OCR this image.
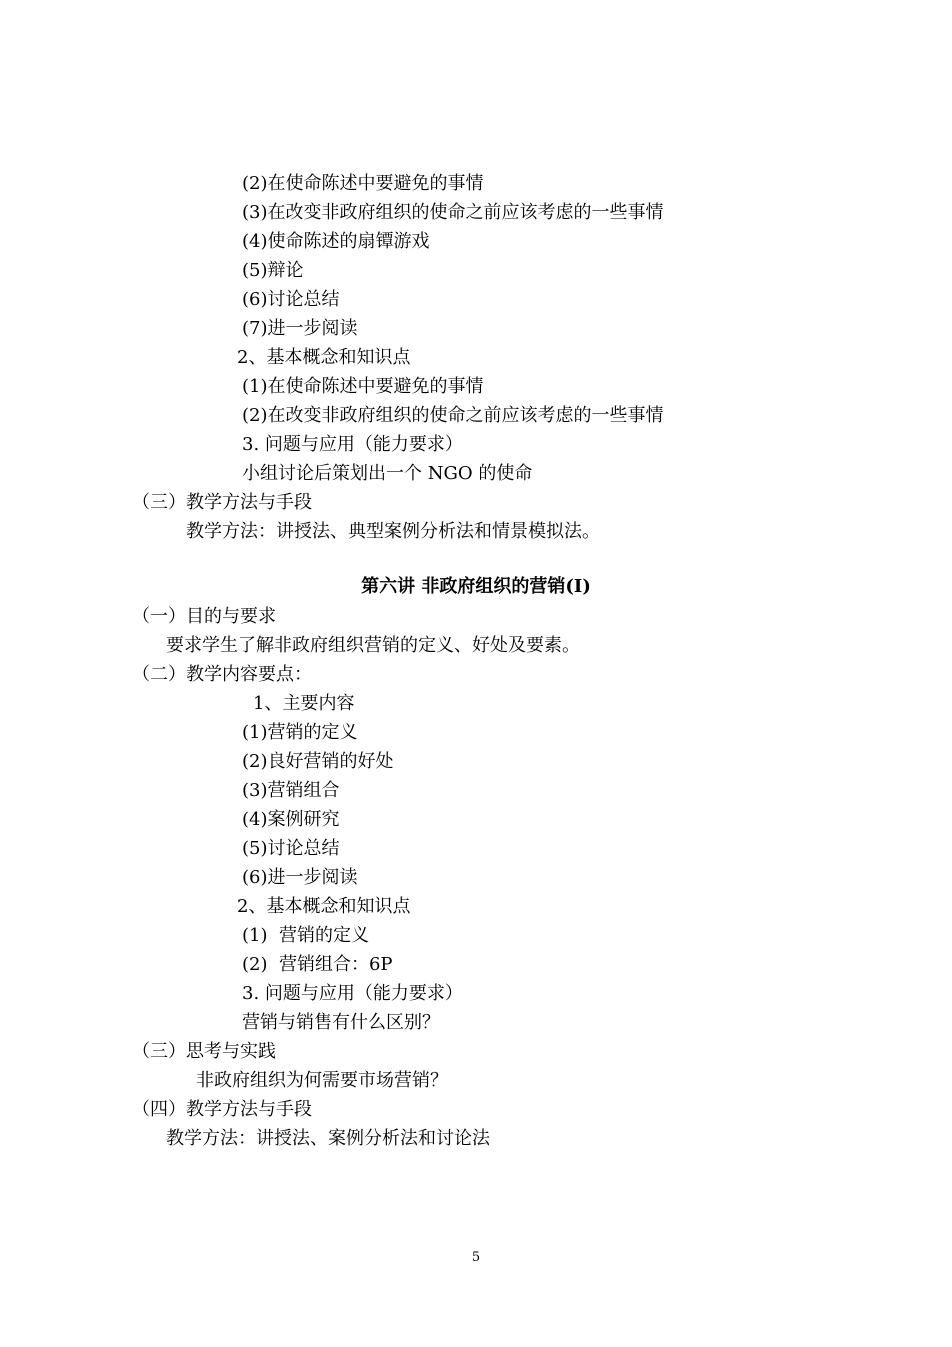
(2)在使命陈述中要避免的事情
(3)在改变非政府组织的使命之前应该考虑的一些事情
(4)使命陈述的扇镡游戏
(5)辩论
(6)讨论总结
(7)进一步阅读
2、基本概念和知识点
(1)在使命陈述中要避免的事情
(2)在改变非政府组织的使命之前应该考虑的一些事情
3. 问题与应用（能力要求）
小组讨论后策划出一个 NGO 的使命
（三）教学方法与手段
教学方法：讲授法、典型案例分析法和情景模拟法。
第六讲 非政府组织的营销(Ⅰ)
（一）目的与要求
要求学生了解非政府组织营销的定义、好处及要素。
（二）教学内容要点：
1、主要内容
(1)营销的定义
(2)良好营销的好处
(3)营销组合
(4)案例研究
(5)讨论总结
(6)进一步阅读
2、基本概念和知识点
(1)  营销的定义
(2)  营销组合：6P
3. 问题与应用（能力要求）
营销与销售有什么区别？
（三）思考与实践
非政府组织为何需要市场营销？
（四）教学方法与手段
教学方法：讲授法、案例分析法和讨论法
5
